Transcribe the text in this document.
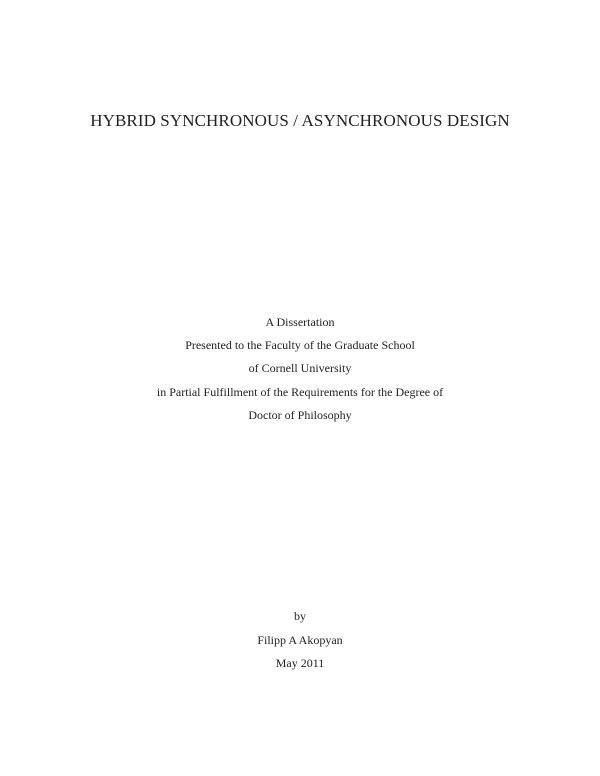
HYBRID SYNCHRONOUS / ASYNCHRONOUS DESIGN
A Dissertation
Presented to the Faculty of the Graduate School
of Cornell University
in Partial Fulfillment of the Requirements for the Degree of
Doctor of Philosophy
by
Filipp A Akopyan
May 2011
